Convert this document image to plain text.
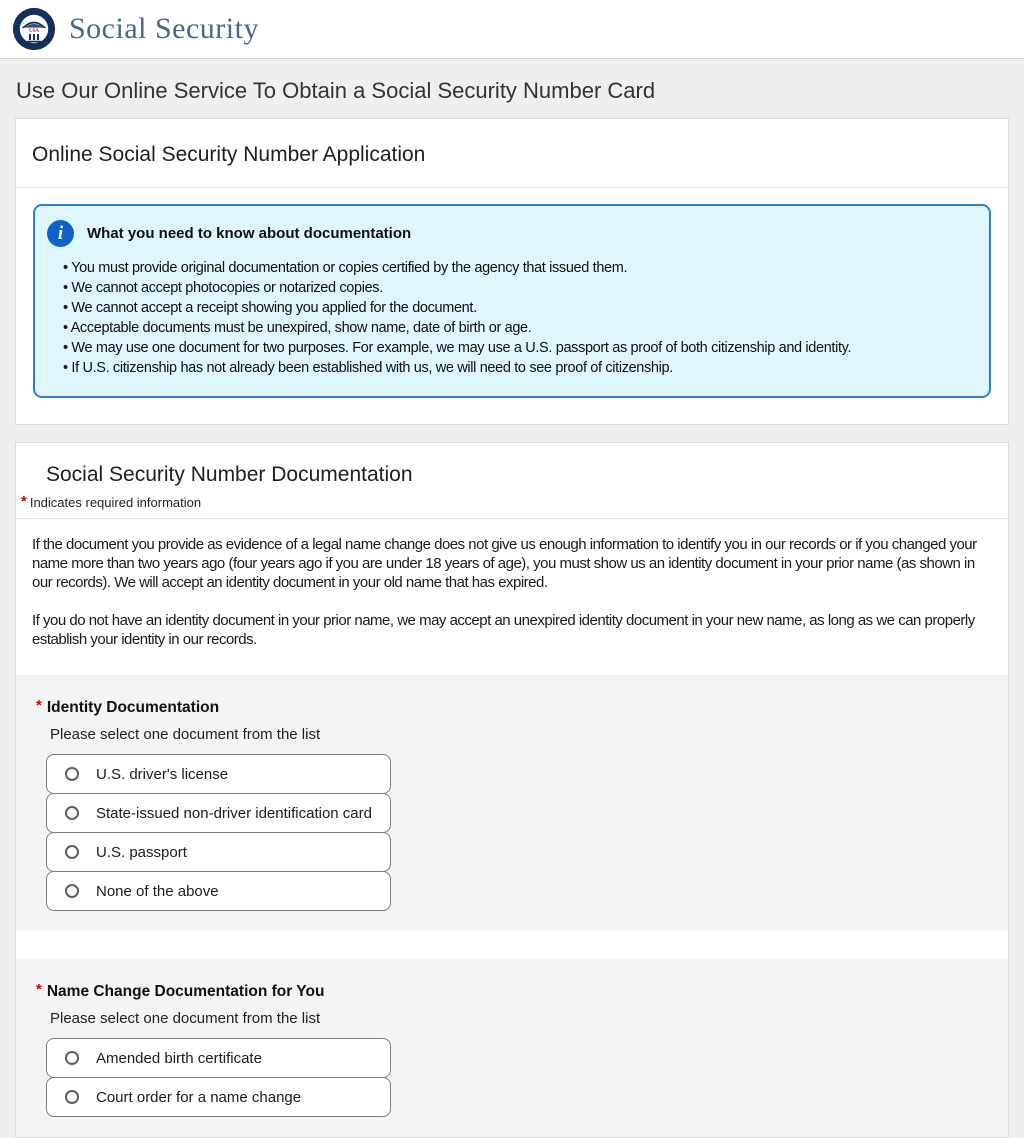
USA Social Security
Use Our Online Service To Obtain a Social Security Number Card
Online Social Security Number Application
i	What you need to know about documentation
• You must provide original documentation or copies certified by the agency that issued them.
• We cannot accept photocopies or notarized copies.
• We cannot accept a receipt showing you applied for the document.
• Acceptable documents must be unexpired, show name, date of birth or age.
• We may use one document for two purposes. For example, we may use a U.S. passport as proof of both citizenship and identity.
• If U.S. citizenship has not already been established with us, we will need to see proof of citizenship.
Social Security Number Documentation
* Indicates required information

If the document you provide as evidence of a legal name change does not give us enough information to identify you in our records or if you changed your name more than two years ago (four years ago if you are under 18 years of age), you must show us an identity document in your prior name (as shown in our records). We will accept an identity document in your old name that has expired.

If you do not have an identity document in your prior name, we may accept an unexpired identity document in your new name, as long as we can properly establish your identity in our records.

* Identity Documentation
Please select one document from the list
U.S. driver's license
State-issued non-driver identification card
U.S. passport
None of the above
* Name Change Documentation for You
Please select one document from the list
Amended birth certificate
Court order for a name change
